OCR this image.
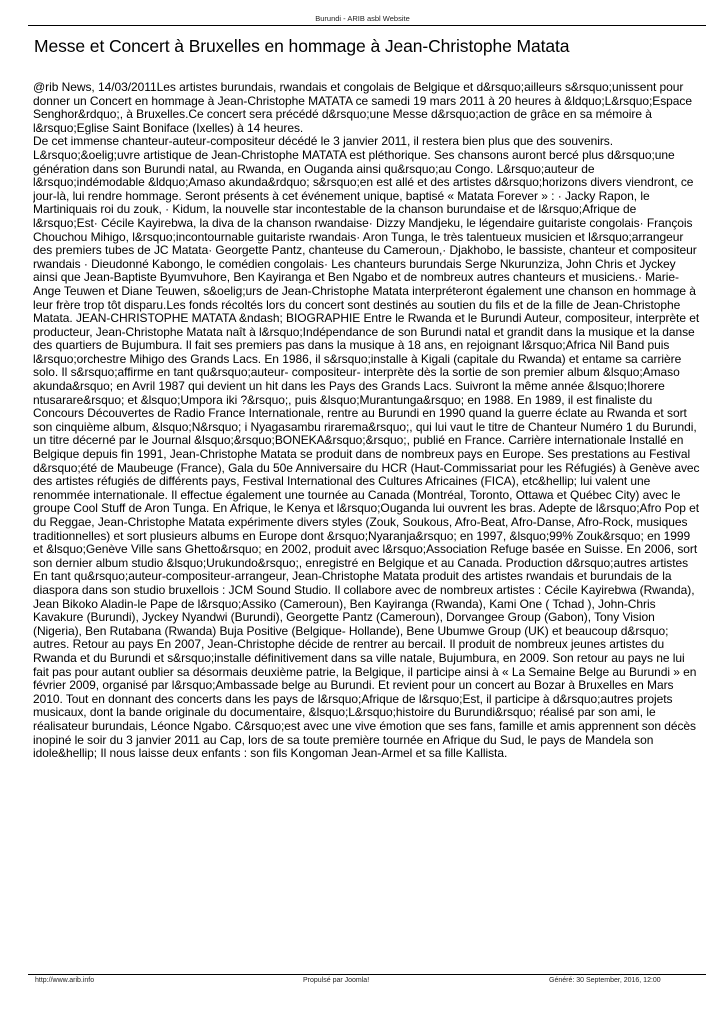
Burundi - ARIB asbl Website
Messe et Concert à Bruxelles en hommage à Jean-Christophe Matata
@rib News, 14/03/2011Les artistes burundais, rwandais et congolais de Belgique et d&rsquo;ailleurs s&rsquo;unissent pour donner un Concert en hommage à Jean-Christophe MATATA ce samedi 19 mars 2011 à 20 heures à &ldquo;L&rsquo;Espace Senghor&rdquo;, à Bruxelles.Ce concert sera précédé d&rsquo;une Messe d&rsquo;action de grâce en sa mémoire à l&rsquo;Eglise Saint Boniface (Ixelles) à 14 heures.
De cet immense chanteur-auteur-compositeur décédé le 3 janvier 2011, il restera bien plus que des souvenirs. L&rsquo;&oelig;uvre artistique de Jean-Christophe MATATA est pléthorique. Ses chansons auront bercé plus d&rsquo;une génération dans son Burundi natal, au Rwanda, en Ouganda ainsi qu&rsquo;au Congo. L&rsquo;auteur de l&rsquo;indémodable &ldquo;Amaso akunda&rdquo; s&rsquo;en est allé et des artistes d&rsquo;horizons divers viendront, ce jour-là, lui rendre hommage. Seront présents à cet événement unique, baptisé « Matata Forever » : · Jacky Rapon, le Martiniquais roi du zouk, · Kidum, la nouvelle star incontestable de la chanson burundaise et de l&rsquo;Afrique de l&rsquo;Est· Cécile Kayirebwa, la diva de la chanson rwandaise· Dizzy Mandjeku, le légendaire guitariste congolais· François Chouchou Mihigo, l&rsquo;incontournable guitariste rwandais· Aron Tunga, le très talentueux musicien et l&rsquo;arrangeur des premiers tubes de JC Matata· Georgette Pantz, chanteuse du Cameroun,· Djakhobo, le bassiste, chanteur et compositeur rwandais · Dieudonné Kabongo, le comédien congolais· Les chanteurs burundais Serge Nkurunziza, John Chris et Jyckey ainsi que Jean-Baptiste Byumvuhore, Ben Kayiranga et Ben Ngabo et de nombreux autres chanteurs et musiciens.· Marie-Ange Teuwen et Diane Teuwen, s&oelig;urs de Jean-Christophe Matata interpréteront également une chanson en hommage à leur frère trop tôt disparu.Les fonds récoltés lors du concert sont destinés au soutien du fils et de la fille de Jean-Christophe Matata. JEAN-CHRISTOPHE MATATA &ndash; BIOGRAPHIE Entre le Rwanda et le Burundi Auteur, compositeur, interprète et producteur, Jean-Christophe Matata naît à l&rsquo;Indépendance de son Burundi natal et grandit dans la musique et la danse des quartiers de Bujumbura. Il fait ses premiers pas dans la musique à 18 ans, en rejoignant l&rsquo;Africa Nil Band puis l&rsquo;orchestre Mihigo des Grands Lacs. En 1986, il s&rsquo;installe à Kigali (capitale du Rwanda) et entame sa carrière solo. Il s&rsquo;affirme en tant qu&rsquo;auteur- compositeur- interprète dès la sortie de son premier album &lsquo;Amaso akunda&rsquo; en Avril 1987 qui devient un hit dans les Pays des Grands Lacs. Suivront la même année &lsquo;Ihorere ntusarare&rsquo; et &lsquo;Umpora iki ?&rsquo;, puis &lsquo;Murantunga&rsquo; en 1988. En 1989, il est finaliste du Concours Découvertes de Radio France Internationale, rentre au Burundi en 1990 quand la guerre éclate au Rwanda et sort son cinquième album, &lsquo;N&rsquo; i Nyagasambu rirarema&rsquo;, qui lui vaut le titre de Chanteur Numéro 1 du Burundi, un titre décerné par le Journal &lsquo;&rsquo;BONEKA&rsquo;&rsquo;, publié en France. Carrière internationale Installé en Belgique depuis fin 1991, Jean-Christophe Matata se produit dans de nombreux pays en Europe. Ses prestations au Festival d&rsquo;été de Maubeuge (France), Gala du 50e Anniversaire du HCR (Haut-Commissariat pour les Réfugiés) à Genève avec des artistes réfugiés de différents pays, Festival International des Cultures Africaines (FICA), etc&hellip; lui valent une renommée internationale. Il effectue également une tournée au Canada (Montréal, Toronto, Ottawa et Québec City) avec le groupe Cool Stuff de Aron Tunga. En Afrique, le Kenya et l&rsquo;Ouganda lui ouvrent les bras. Adepte de l&rsquo;Afro Pop et du Reggae, Jean-Christophe Matata expérimente divers styles (Zouk, Soukous, Afro-Beat, Afro-Danse, Afro-Rock, musiques traditionnelles) et sort plusieurs albums en Europe dont &rsquo;Nyaranja&rsquo; en 1997, &lsquo;99% Zouk&rsquo; en 1999 et &lsquo;Genève Ville sans Ghetto&rsquo; en 2002, produit avec l&rsquo;Association Refuge basée en Suisse. En 2006, sort son dernier album studio &lsquo;Urukundo&rsquo;, enregistré en Belgique et au Canada. Production d&rsquo;autres artistes En tant qu&rsquo;auteur-compositeur-arrangeur, Jean-Christophe Matata produit des artistes rwandais et burundais de la diaspora dans son studio bruxellois : JCM Sound Studio. Il collabore avec de nombreux artistes : Cécile Kayirebwa (Rwanda), Jean Bikoko Aladin-le Pape de l&rsquo;Assiko (Cameroun), Ben Kayiranga (Rwanda), Kami One ( Tchad ), John-Chris Kavakure (Burundi), Jyckey Nyandwi (Burundi), Georgette Pantz (Cameroun), Dorvangee Group (Gabon), Tony Vision (Nigeria), Ben Rutabana (Rwanda) Buja Positive (Belgique- Hollande), Bene Ubumwe Group (UK) et beaucoup d&rsquo; autres. Retour au pays En 2007, Jean-Christophe décide de rentrer au bercail. Il produit de nombreux jeunes artistes du Rwanda et du Burundi et s&rsquo;installe définitivement dans sa ville natale, Bujumbura, en 2009. Son retour au pays ne lui fait pas pour autant oublier sa désormais deuxième patrie, la Belgique, il participe ainsi à « La Semaine Belge au Burundi » en février 2009, organisé par l&rsquo;Ambassade belge au Burundi. Et revient pour un concert au Bozar à Bruxelles en Mars 2010. Tout en donnant des concerts dans les pays de l&rsquo;Afrique de l&rsquo;Est, il participe à d&rsquo;autres projets musicaux, dont la bande originale du documentaire, &lsquo;L&rsquo;histoire du Burundi&rsquo; réalisé par son ami, le réalisateur burundais, Léonce Ngabo. C&rsquo;est avec une vive émotion que ses fans, famille et amis apprennent son décès inopiné le soir du 3 janvier 2011 au Cap, lors de sa toute première tournée en Afrique du Sud, le pays de Mandela son idole&hellip; Il nous laisse deux enfants : son fils Kongoman Jean-Armel et sa fille Kallista.
http://www.arib.info	Propulsé par Joomla!	Généré: 30 September, 2016, 12:00
